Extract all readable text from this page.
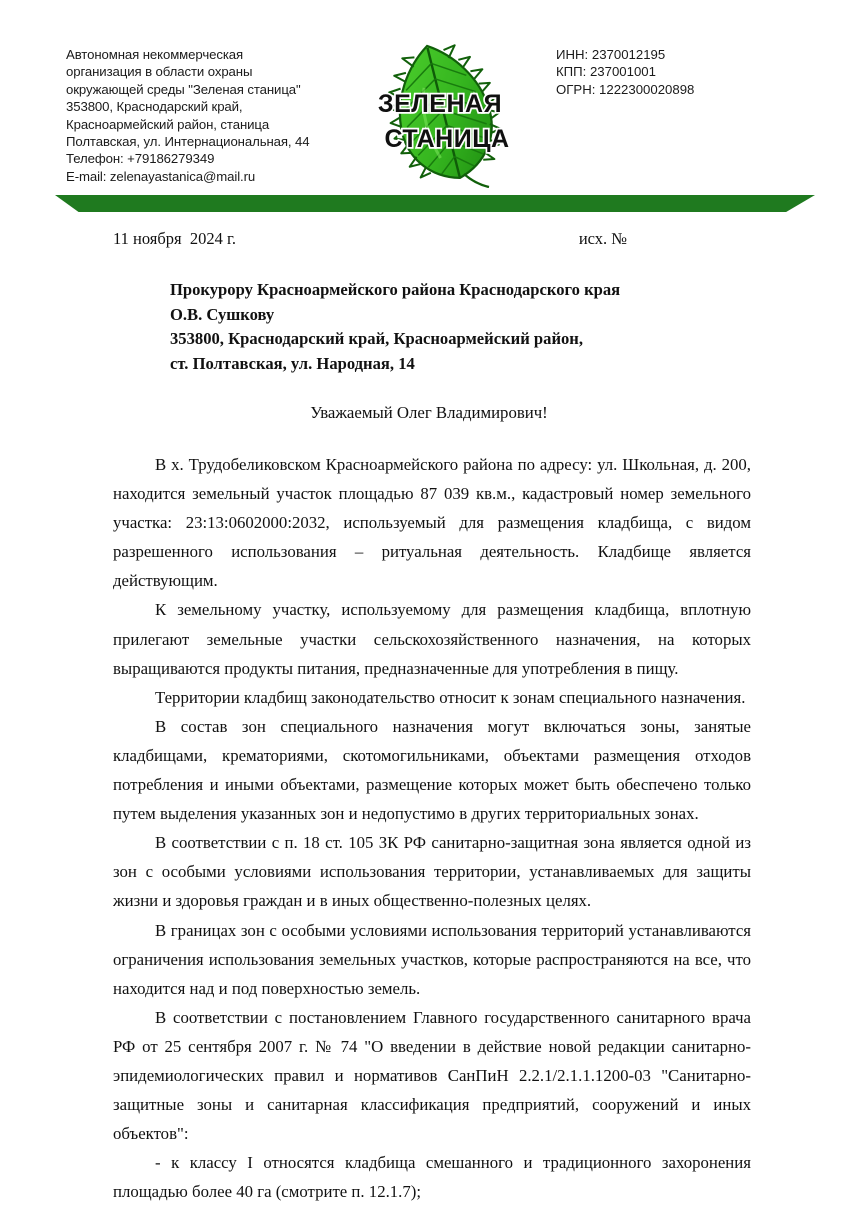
Автономная некоммерческая
организация в области охраны
окружающей среды "Зеленая станица"
353800, Краснодарский край,
Красноармейский район, станица
Полтавская, ул. Интернациональная, 44
Телефон: +79186279349
E-mail: zelenayastanica@mail.ru
ЗЕЛЕНАЯ
СТАНИЦА
ИНН: 2370012195
КПП: 237001001
ОГРН: 1222300020898
11 ноября  2024 г.	исх. №
Прокурору Красноармейского района Краснодарского края
О.В. Сушкову
353800, Краснодарский край, Красноармейский район,
ст. Полтавская, ул. Народная, 14
Уважаемый Олег Владимирович!

В х. Трудобеликовском Красноармейского района по адресу: ул. Школьная, д. 200, находится земельный участок площадью 87 039 кв.м., кадастровый номер земельного участка: 23:13:0602000:2032, используемый для размещения кладбища, с видом разрешенного использования – ритуальная деятельность. Кладбище является действующим.

К земельному участку, используемому для размещения кладбища, вплотную прилегают земельные участки сельскохозяйственного назначения, на которых выращиваются продукты питания, предназначенные для употребления в пищу.

Территории кладбищ законодательство относит к зонам специального назначения.

В состав зон специального назначения могут включаться зоны, занятые кладбищами, крематориями, скотомогильниками, объектами размещения отходов потребления и иными объектами, размещение которых может быть обеспечено только путем выделения указанных зон и недопустимо в других территориальных зонах.

В соответствии с п. 18 ст. 105 ЗК РФ санитарно-защитная зона является одной из зон с особыми условиями использования территории, устанавливаемых для защиты жизни и здоровья граждан и в иных общественно-полезных целях.

В границах зон с особыми условиями использования территорий устанавливаются ограничения использования земельных участков, которые распространяются на все, что находится над и под поверхностью земель.

В соответствии с постановлением Главного государственного санитарного врача РФ от 25 сентября 2007 г. № 74 "О введении в действие новой редакции санитарно-эпидемиологических правил и нормативов СанПиН 2.2.1/2.1.1.1200-03 "Санитарно-защитные зоны и санитарная классификация предприятий, сооружений и иных объектов":

- к классу I относятся кладбища смешанного и традиционного захоронения площадью более 40 га (смотрите п. 12.1.7);
